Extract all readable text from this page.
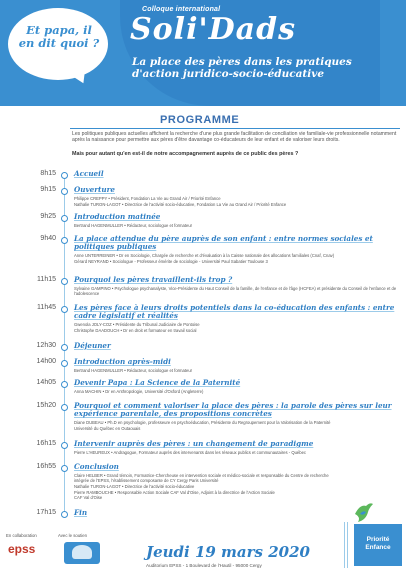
Et papa, il en dit quoi ?
Colloque international
Soli'Dads
La place des pères dans les pratiques d'action juridico-socio-éducative
PROGRAMME
Les politiques publiques actuelles affichent la recherche d'une plus grande facilitation de conciliation vie familiale-vie professionnelle notamment après la naissance pour permettre aux pères d'être davantage co-éducateurs de leur enfant et de valoriser leurs droits.
Mais pour autant qu'en est-il de notre accompagnement auprès de ce public des pères ?
8h15	Accueil
9h15	Ouverture
Philippe CREPPY • Président, Fondation La Vie au Grand Air / Priorité Enfance
Nathalie TURON-LAGOT • Directrice de l'activité socio-éducative, Fondation La Vie au Grand Air / Priorité Enfance
9h25	Introduction matinée
Bertrand HAGENMULLER • Rédacteur, sociologue et formateur
9h40	La place attendue du père auprès de son enfant : entre normes sociales et politiques publiques
Anne UNTERREINER • Dr en Sociologie, Chargée de recherche et d'évaluation à la Caisse nationale des allocations familiales (Cnaf, Cnav)
Gérard NEYRAND • Sociologue - Professeur émérite de sociologie - Université Paul Sabatier Toulouse 3
11h15	Pourquoi les pères travaillent-ils trop ?
Sylvaine GAMPINO • Psychologue psychanalyste, Vice-Présidente du Haut Conseil de la famille, de l'enfance et de l'âge (HCFEA) et présidente du Conseil de l'enfance et de l'adolescence
11h45	Les pères face à leurs droits potentiels dans la co-éducation des enfants : entre cadre législatif et réalités
Gwenola JOLY-COZ • Présidente du Tribunal Judiciaire de Pontoise
Christophe DAADOUCH • Dr en droit et formateur en travail social
12h30	Déjeuner
14h00	Introduction après-midi
Bertrand HAGENMULLER • Rédacteur, sociologue et formateur
14h05	Devenir Papa : La Science de la Paternité
Anna MACHIN • Dr en Anthropologie, Université d'Oxford (Angleterre)
15h20	Pourquoi et comment valoriser la place des pères : la parole des pères sur leur expérience parentale, des propositions concrètes
Diane DUBEAU • Ph.D en psychologie, professeure en psychoéducation, Présidente du Regroupement pour la Valorisation de la Paternité
Université du Québec en Outaouais
16h15	Intervenir auprès des pères : un changement de paradigme
Pierre L'HEUREUX • Andragogue, Formateur auprès des intervenants dans les réseaux publics et communautaires - Québec
16h55	Conclusion
Claire HELBER • Grand témoin, Formatrice-Chercheuse en intervention sociale et médico-sociale et responsable du Centre de recherche intégrée de l'EPSS, l'établissement composante de CY Cergy Paris Université
Nathalie TURON-LAGOT • Directrice de l'activité socio-éducative
Pierre RAMBOUCHE • Responsable Action Sociale CAF Val d'Oise, Adjoint à la directrice de l'Action Sociale
CAF Val d'Oise
17h15	Fin
En collaboration	Avec le soutien
epss	Jeudi 19 mars 2020
Auditorium EPSS - 1 Boulevard de l'Hautil - 95000 Cergy
Priorité Enfance
